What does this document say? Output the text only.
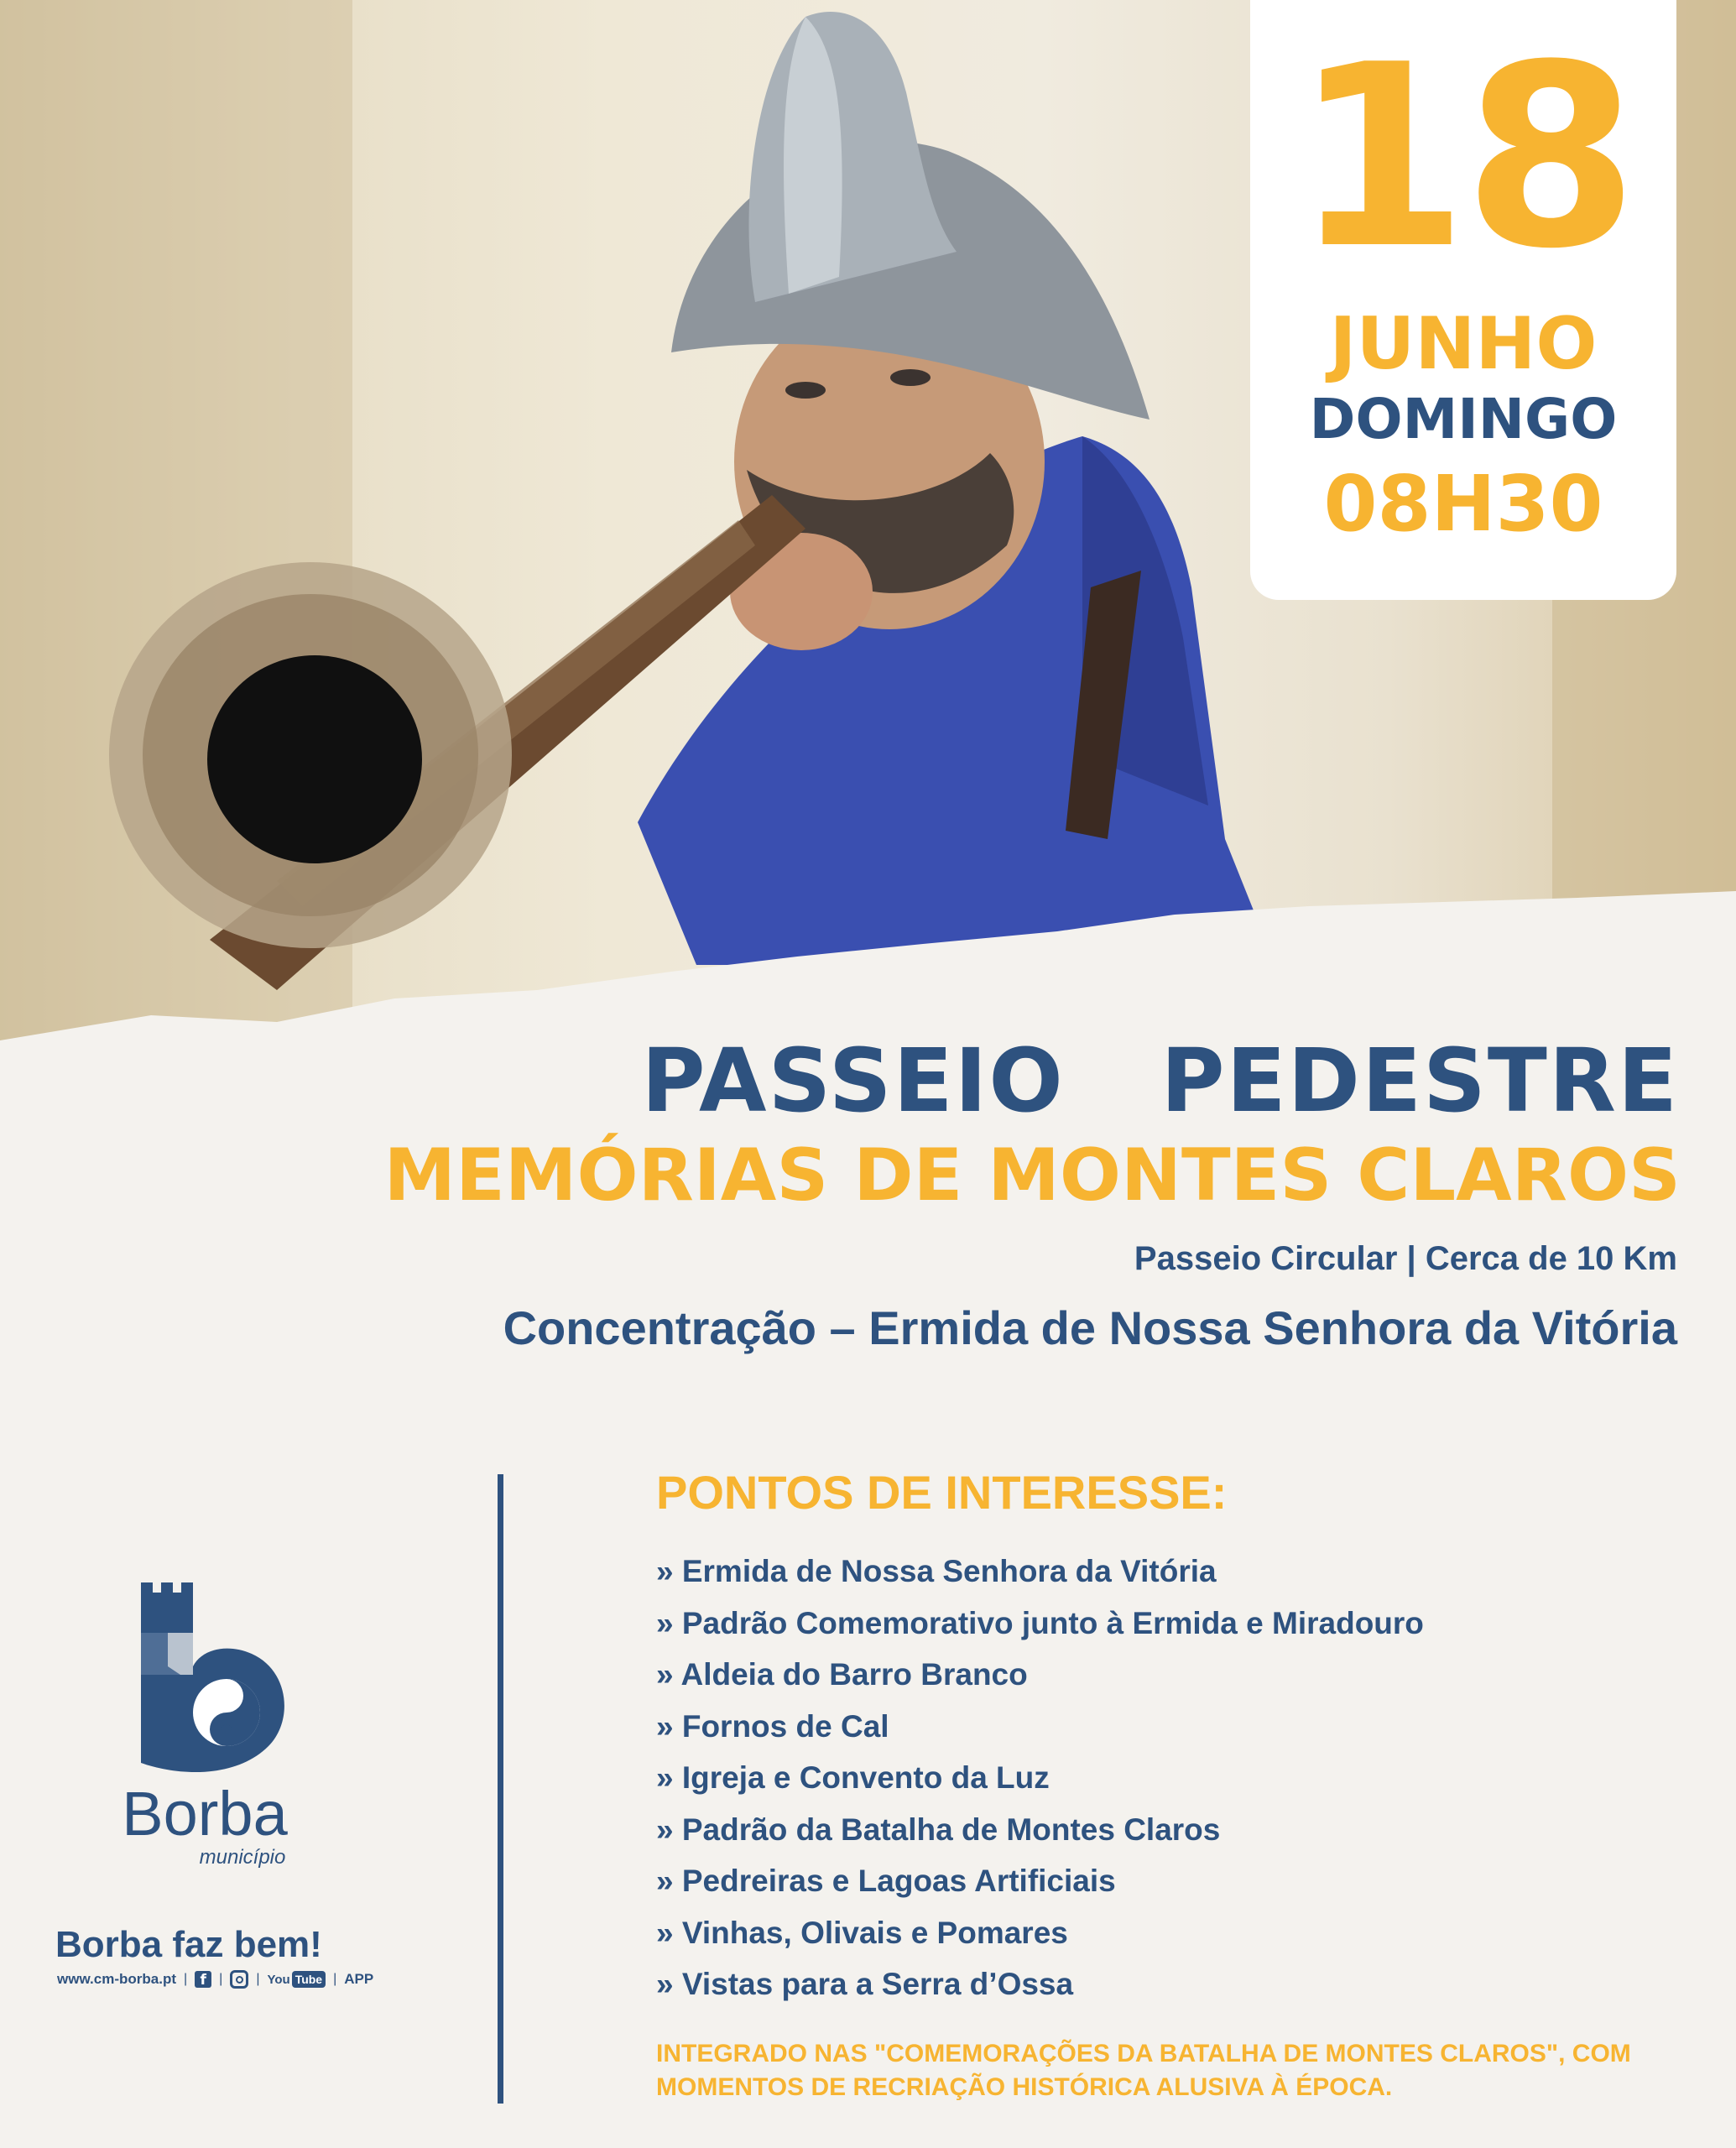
18
JUNHO
DOMINGO
08H30
PASSEIO   PEDESTRE
MEMÓRIAS DE MONTES CLAROS
Passeio Circular | Cerca de 10 Km
Concentração – Ermida de Nossa Senhora da Vitória
PONTOS DE INTERESSE:
» Ermida de Nossa Senhora da Vitória
» Padrão Comemorativo junto à Ermida e Miradouro
» Aldeia do Barro Branco
» Fornos de Cal
» Igreja e Convento da Luz
» Padrão da Batalha de Montes Claros
» Pedreiras e Lagoas Artificiais
» Vinhas, Olivais e Pomares
» Vistas para a Serra d’Ossa
INTEGRADO NAS "COMEMORAÇÕES DA BATALHA DE MONTES CLAROS", COM MOMENTOS DE RECRIAÇÃO HISTÓRICA ALUSIVA À ÉPOCA.
Borba
município
Borba faz bem!
www.cm-borba.pt | f |	| You Tube | APP
